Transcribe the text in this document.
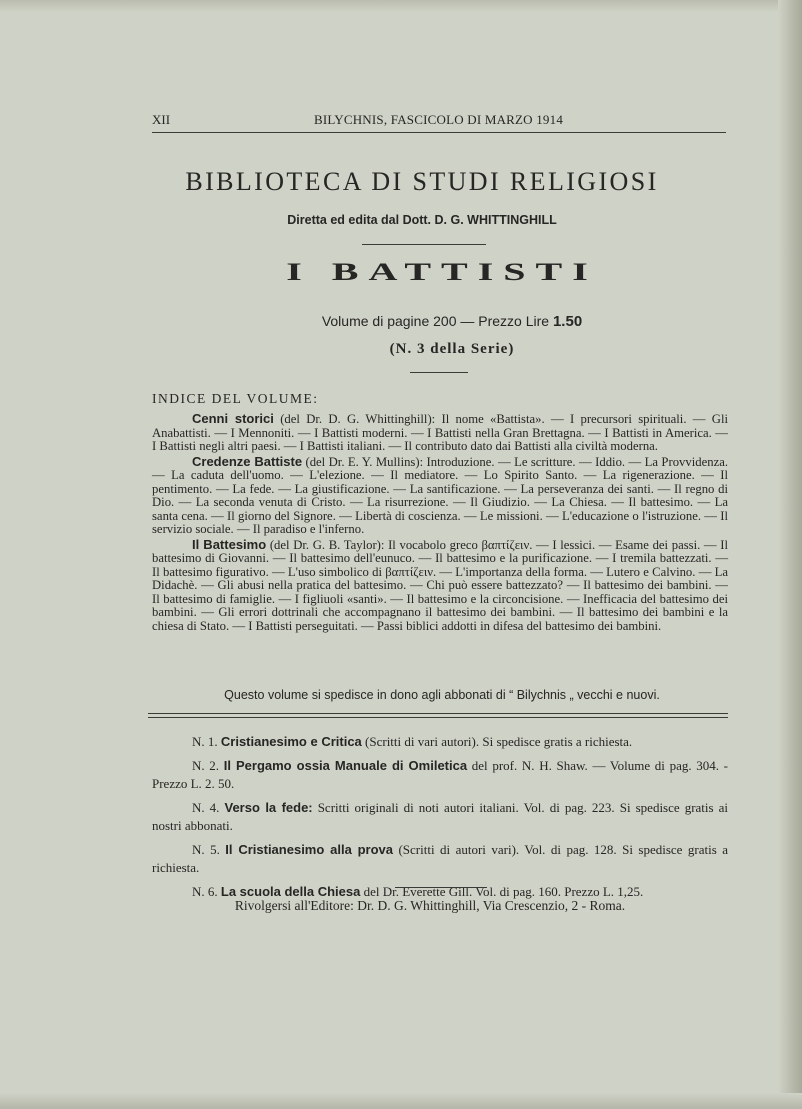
XII	BILYCHNIS, FASCICOLO DI MARZO 1914
BIBLIOTECA DI STUDI RELIGIOSI
Diretta ed edita dal Dott. D. G. WHITTINGHILL
I BATTISTI
Volume di pagine 200 — Prezzo Lire 1.50
(N. 3 della Serie)
INDICE DEL VOLUME:

Cenni storici (del Dr. D. G. Whittinghill): Il nome «Battista». — I precursori spirituali. — Gli Anabattisti. — I Mennoniti. — I Battisti moderni. — I Battisti nella Gran Brettagna. — I Battisti in America. — I Battisti negli altri paesi. — I Battisti italiani. — Il contributo dato dai Battisti alla civiltà moderna.

Credenze Battiste (del Dr. E. Y. Mullins): Introduzione. — Le scritture. — Iddio. — La Provvidenza. — La caduta dell'uomo. — L'elezione. — Il mediatore. — Lo Spirito Santo. — La rigenerazione. — Il pentimento. — La fede. — La giustificazione. — La santificazione. — La perseveranza dei santi. — Il regno di Dio. — La seconda venuta di Cristo. — La risurrezione. — Il Giudizio. — La Chiesa. — Il battesimo. — La santa cena. — Il giorno del Signore. — Libertà di coscienza. — Le missioni. — L'educazione o l'istruzione. — Il servizio sociale. — Il paradiso e l'inferno.

Il Battesimo (del Dr. G. B. Taylor): Il vocabolo greco βαπτίζειν. — I lessici. — Esame dei passi. — Il battesimo di Giovanni. — Il battesimo dell'eunuco. — Il battesimo e la purificazione. — I tremila battezzati. — Il battesimo figurativo. — L'uso simbolico di βαπτίζειν. — L'importanza della forma. — Lutero e Calvino. — La Didachè. — Gli abusi nella pratica del battesimo. — Chi può essere battezzato? — Il battesimo dei bambini. — Il battesimo di famiglie. — I figliuoli «santi». — Il battesimo e la circoncisione. — Inefficacia del battesimo dei bambini. — Gli errori dottrinali che accompagnano il battesimo dei bambini. — Il battesimo dei bambini e la chiesa di Stato. — I Battisti perseguitati. — Passi biblici addotti in difesa del battesimo dei bambini.

Questo volume si spedisce in dono agli abbonati di “ Bilychnis „ vecchi e nuovi.

N. 1. Cristianesimo e Critica (Scritti di vari autori). Si spedisce gratis a richiesta.

N. 2. Il Pergamo ossia Manuale di Omiletica del prof. N. H. Shaw. — Volume di pag. 304. - Prezzo L. 2. 50.

N. 4. Verso la fede: Scritti originali di noti autori italiani. Vol. di pag. 223. Si spedisce gratis ai nostri abbonati.

N. 5. Il Cristianesimo alla prova (Scritti di autori vari). Vol. di pag. 128. Si spedisce gratis a richiesta.

N. 6. La scuola della Chiesa del Dr. Everette Gill. Vol. di pag. 160. Prezzo L. 1,25.

Rivolgersi all'Editore: Dr. D. G. Whittinghill, Via Crescenzio, 2 - Roma.
